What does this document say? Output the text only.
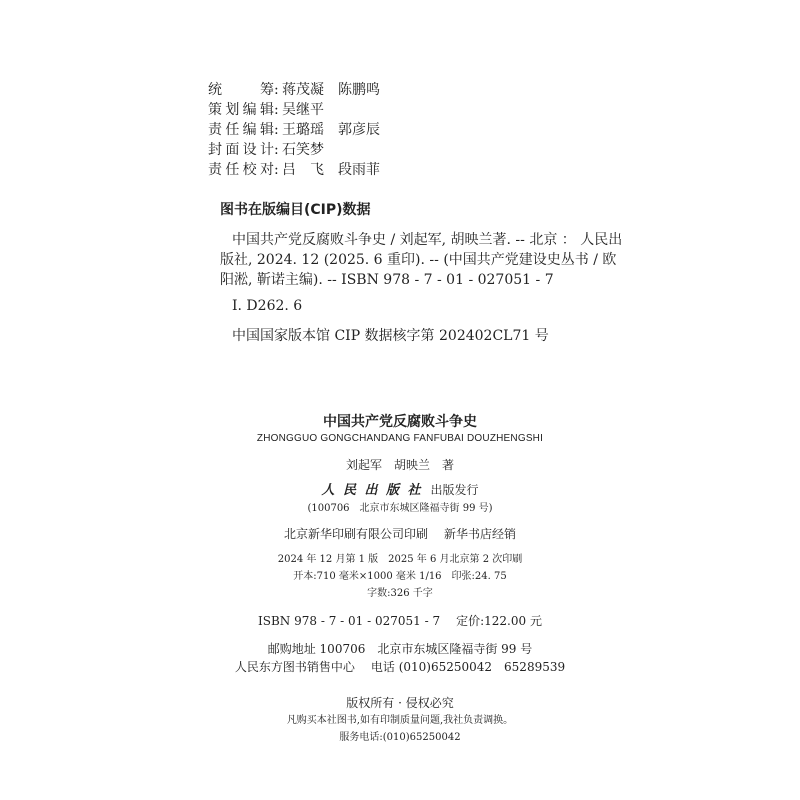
统筹 : 蒋茂凝 陈鹏鸣
策划编辑 : 吴继平
责任编辑 : 王璐瑶 郭彦辰
封面设计 : 石笑梦
责任校对 : 吕　飞 段雨菲
图书在版编目(CIP)数据
中国共产党反腐败斗争史 / 刘起军, 胡映兰著. -- 北京 ： 人民出版社, 2024. 12 (2025. 6 重印). -- (中国共产党建设史丛书 / 欧阳淞, 靳诺主编). -- ISBN 978 - 7 - 01 - 027051 - 7
Ⅰ. D262. 6
中国国家版本馆 CIP 数据核字第 202402CL71 号
中国共产党反腐败斗争史
ZHONGGUO GONGCHANDANG FANFUBAI DOUZHENGSHI
刘起军 胡映兰 著
人 民 出 版 社 出版发行
(100706　北京市东城区隆福寺街 99 号)
北京新华印刷有限公司印刷 新华书店经销
2024 年 12 月第 1 版　2025 年 6 月北京第 2 次印刷
开本:710 毫米×1000 毫米 1/16　印张:24. 75
字数:326 千字
ISBN 978 - 7 - 01 - 027051 - 7 定价:122.00 元
邮购地址 100706　北京市东城区隆福寺街 99 号
人民东方图书销售中心 电话 (010)65250042　65289539
版权所有 · 侵权必究
凡购买本社图书,如有印制质量问题,我社负责调换。
服务电话:(010)65250042
